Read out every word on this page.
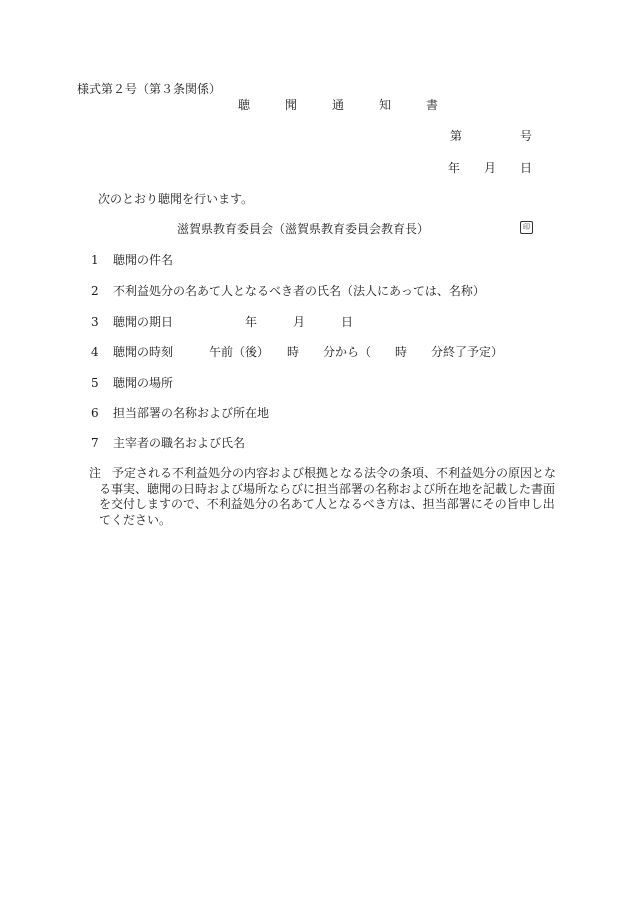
様式第２号（第３条関係）
聴	聞	通	知	書
第	号
年 月 日
次のとおり聴聞を行います。
滋賀県教育委員会（滋賀県教育委員会教育長）	印
1 聴聞の件名
2 不利益処分の名あて人となるべき者の氏名（法人にあっては、名称）
3 聴聞の期日　　　　　　年　　　月　　　日
4 聴聞の時刻　　　午前（後）　　時　　分から（　　時　　分終了予定）
5 聴聞の場所
6 担当部署の名称および所在地
7 主宰者の職名および氏名
注 予定される不利益処分の内容および根拠となる法令の条項、不利益処分の原因とな
る事実、聴聞の日時および場所ならびに担当部署の名称および所在地を記載した書面
を交付しますので、不利益処分の名あて人となるべき方は、担当部署にその旨申し出
てください。
